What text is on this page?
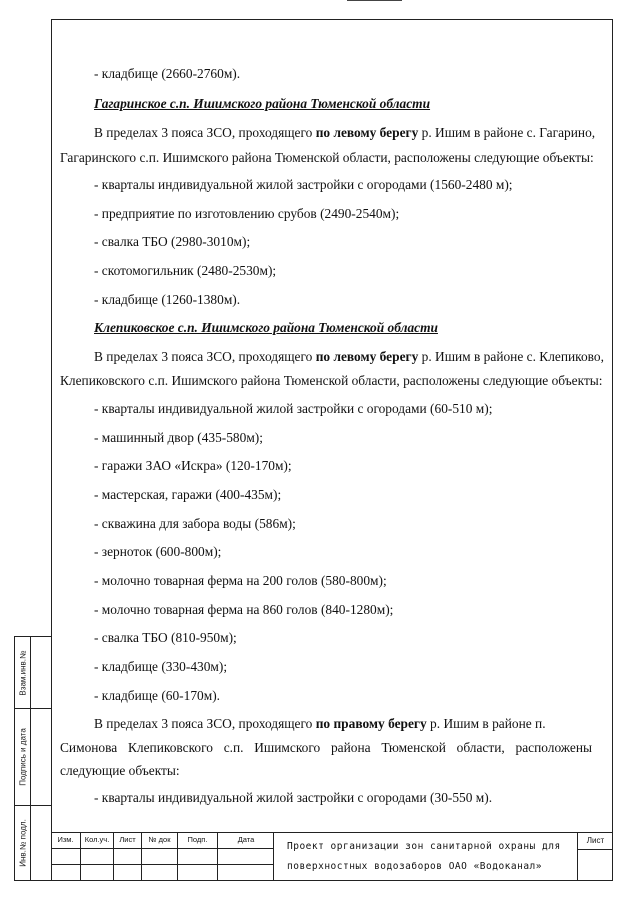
Взам.инв.№
Подпись и дата
Инв.№ подл.
- кладбище (2660-2760м).
Гагаринское с.п. Ишимского района Тюменской области
В пределах 3 пояса ЗСО, проходящего по левому берегу р. Ишим в районе с. Гагарино,
Гагаринского с.п. Ишимского района Тюменской области, расположены следующие объекты:
- кварталы индивидуальной жилой застройки с огородами (1560-2480 м);
- предприятие по изготовлению срубов (2490-2540м);
- свалка ТБО (2980-3010м);
- скотомогильник (2480-2530м);
- кладбище (1260-1380м).
Клепиковское с.п. Ишимского района Тюменской области
В пределах 3 пояса ЗСО, проходящего по левому берегу р. Ишим в районе с. Клепиково,
Клепиковского с.п. Ишимского района Тюменской области, расположены следующие объекты:
- кварталы индивидуальной жилой застройки с огородами (60-510 м);
- машинный двор (435-580м);
- гаражи ЗАО «Искра» (120-170м);
- мастерская, гаражи (400-435м);
- скважина для забора воды (586м);
- зерноток (600-800м);
- молочно товарная ферма на 200 голов (580-800м);
- молочно товарная ферма на 860 голов (840-1280м);
- свалка ТБО (810-950м);
- кладбище (330-430м);
- кладбище (60-170м).
В пределах 3 пояса ЗСО, проходящего по правому берегу р. Ишим в районе п.
Симонова Клепиковского с.п. Ишимского района Тюменской области, расположены
следующие объекты:
- кварталы индивидуальной жилой застройки с огородами (30-550 м).
Изм.	Кол.уч.	Лист	№ док	Подп.	Дата
Проект организации зон санитарной охраны для
поверхностных водозаборов ОАО «Водоканал»
Лист
